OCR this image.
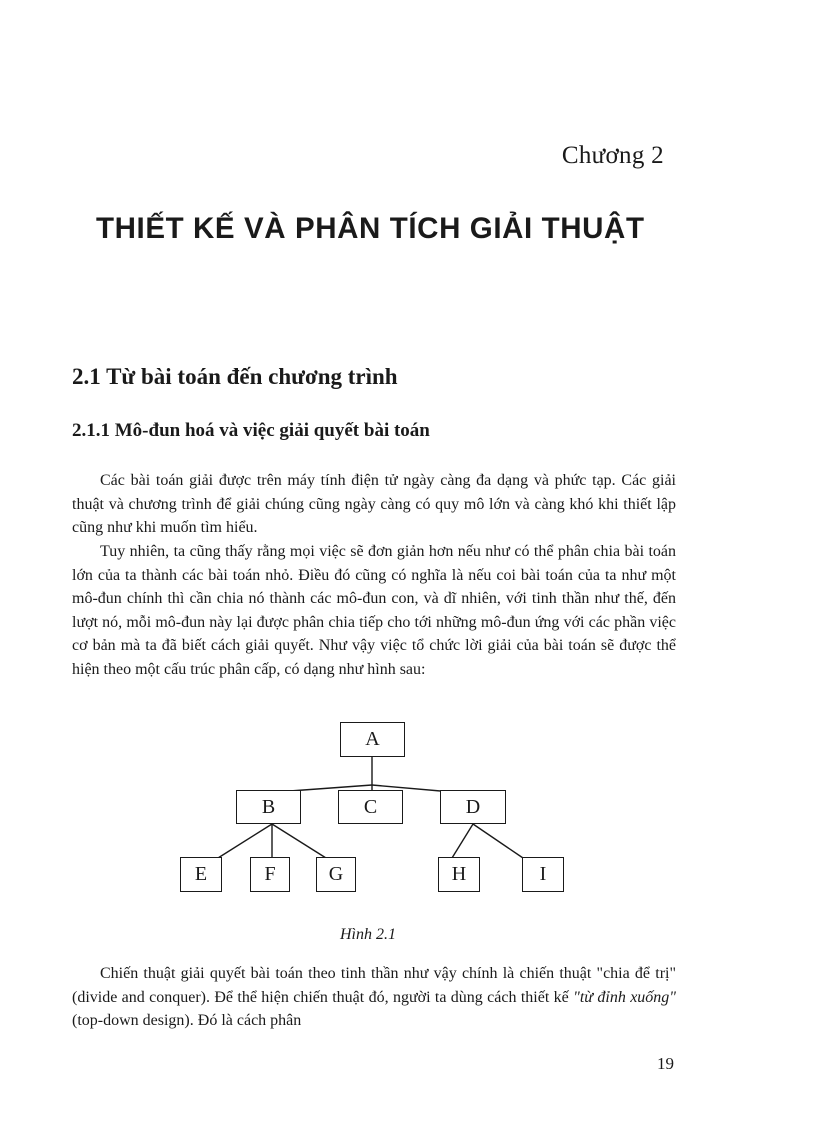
Chương 2
THIẾT KẾ VÀ PHÂN TÍCH GIẢI THUẬT
2.1 Từ bài toán đến chương trình
2.1.1 Mô-đun hoá và việc giải quyết bài toán

Các bài toán giải được trên máy tính điện tử ngày càng đa dạng và phức tạp. Các giải thuật và chương trình để giải chúng cũng ngày càng có quy mô lớn và càng khó khi thiết lập cũng như khi muốn tìm hiểu.

Tuy nhiên, ta cũng thấy rằng mọi việc sẽ đơn giản hơn nếu như có thể phân chia bài toán lớn của ta thành các bài toán nhỏ. Điều đó cũng có nghĩa là nếu coi bài toán của ta như một mô-đun chính thì cần chia nó thành các mô-đun con, và dĩ nhiên, với tinh thần như thế, đến lượt nó, mỗi mô-đun này lại được phân chia tiếp cho tới những mô-đun ứng với các phần việc cơ bản mà ta đã biết cách giải quyết. Như vậy việc tổ chức lời giải của bài toán sẽ được thể hiện theo một cấu trúc phân cấp, có dạng như hình sau:

A
B	C	D
E	F	G	H	I
Hình 2.1

Chiến thuật giải quyết bài toán theo tinh thần như vậy chính là chiến thuật "chia để trị" (divide and conquer). Để thể hiện chiến thuật đó, người ta dùng cách thiết kế "từ đỉnh xuống" (top-down design). Đó là cách phân

19
